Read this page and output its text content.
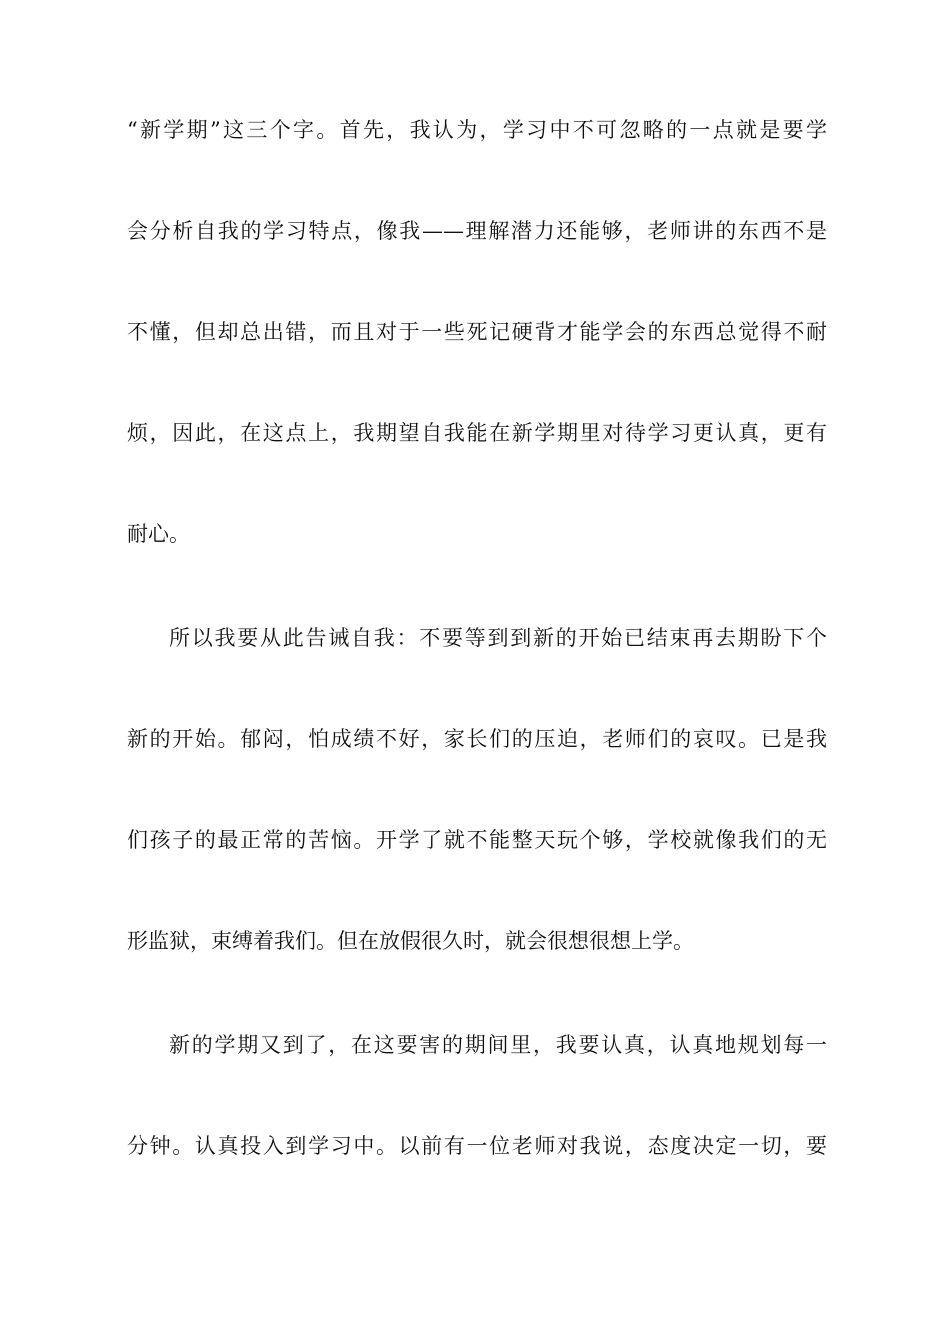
“新学期”这三个字。首先，我认为，学习中不可忽略的一点就是要学
会分析自我的学习特点，像我——理解潜力还能够，老师讲的东西不是
不懂，但却总出错，而且对于一些死记硬背才能学会的东西总觉得不耐
烦，因此，在这点上，我期望自我能在新学期里对待学习更认真，更有
耐心。
所以我要从此告诫自我：不要等到到新的开始已结束再去期盼下个
新的开始。郁闷，怕成绩不好，家长们的压迫，老师们的哀叹。已是我
们孩子的最正常的苦恼。开学了就不能整天玩个够，学校就像我们的无
形监狱，束缚着我们。但在放假很久时，就会很想很想上学。
新的学期又到了，在这要害的期间里，我要认真，认真地规划每一
分钟。认真投入到学习中。以前有一位老师对我说，态度决定一切，要
